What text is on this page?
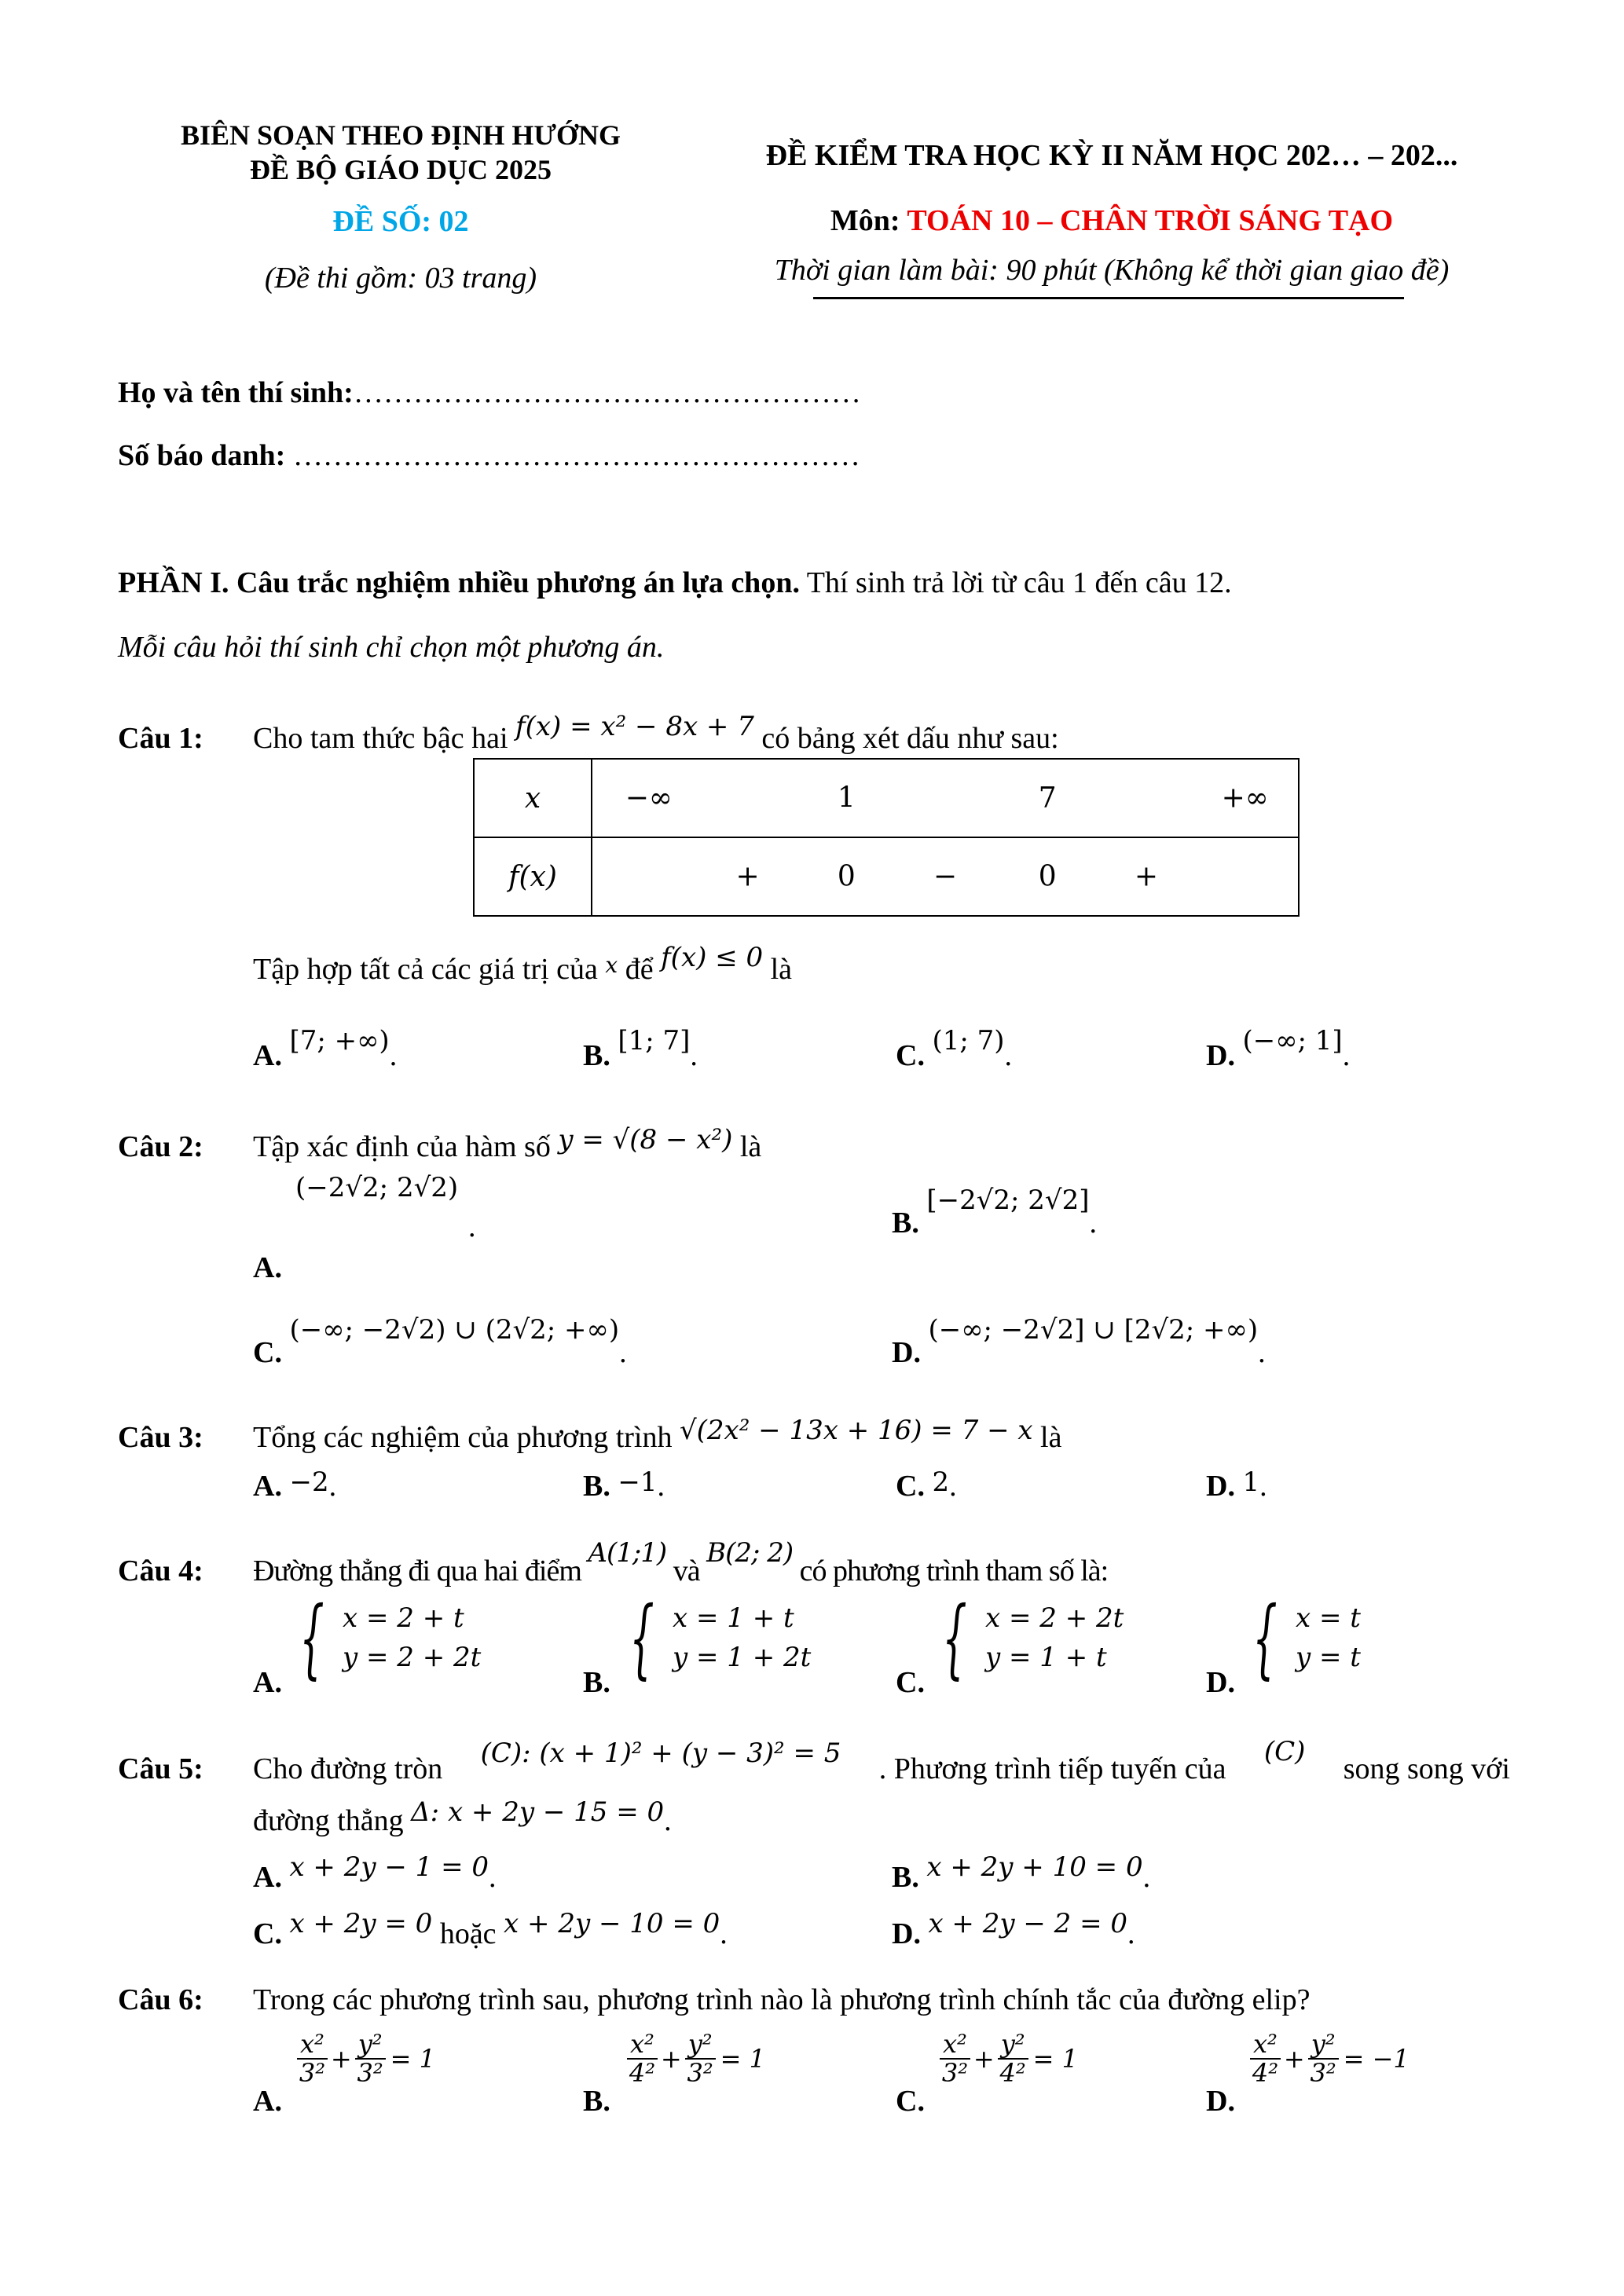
BIÊN SOẠN THEO ĐỊNH HƯỚNG
ĐỀ BỘ GIÁO DỤC 2025
ĐỀ SỐ: 02
(Đề thi gồm: 03 trang)
ĐỀ KIỂM TRA HỌC KỲ II NĂM HỌC 202… – 202...
Môn: TOÁN 10 – CHÂN TRỜI SÁNG TẠO
Thời gian làm bài: 90 phút (Không kể thời gian giao đề)
Họ và tên thí sinh:……………………………………………
Số báo danh: …………………………………………………
PHẦN I. Câu trắc nghiệm nhiều phương án lựa chọn. Thí sinh trả lời từ câu 1 đến câu 12.
Mỗi câu hỏi thí sinh chỉ chọn một phương án.
Câu 1: Cho tam thức bậc hai f(x) = x² − 8x + 7 có bảng xét dấu như sau:
x	−∞ 1 7 +∞

f(x)	+ 0 − 0 +
Tập hợp tất cả các giá trị của $^x$ để f(x) ≤ 0 là
A. [7; +∞).	B. [1; 7].	C. (1; 7).	D. (−∞; 1].
Câu 2: Tập xác định của hàm số y = √(8 − x²) là
(−2√2; 2√2)
.
A.
B. [−2√2; 2√2].
C. (−∞; −2√2) ∪ (2√2; +∞).	D. (−∞; −2√2] ∪ [2√2; +∞).
Câu 3: Tổng các nghiệm của phương trình √(2x² − 13x + 16) = 7 − x là
A. −2.	B. −1.	C. 2.	D. 1.
Câu 4: Đường thẳng đi qua hai điểm A(1;1) và B(2; 2) có phương trình tham số là:
A. { x = 2 + t
y = 2 + 2t
B. { x = 1 + t
y = 1 + 2t
C. { x = 2 + 2t
y = 1 + t
D. { x = t
y = t
Câu 5: Cho đường tròn (C): (x + 1)² + (y − 3)² = 5 . Phương trình tiếp tuyến của
(C)
song song với
đường thẳng Δ: x + 2y − 15 = 0.
A. x + 2y − 1 = 0.	B. x + 2y + 10 = 0.
C. x + 2y = 0 hoặc x + 2y − 10 = 0.	D. x + 2y − 2 = 0.
Câu 6: Trong các phương trình sau, phương trình nào là phương trình chính tắc của đường elip?
A.
$\frac{\text{x²}}{\text{3²}} + \frac{\text{y²}}{\text{3²}} = 1$
B.
$\frac{\text{x²}}{\text{4²}} + \frac{\text{y²}}{\text{3²}} = 1$
C.
$\frac{\text{x²}}{\text{3²}} + \frac{\text{y²}}{\text{4²}} = 1$
D.
$\frac{\text{x²}}{\text{4²}} + \frac{\text{y²}}{\text{3²}} = -1$
